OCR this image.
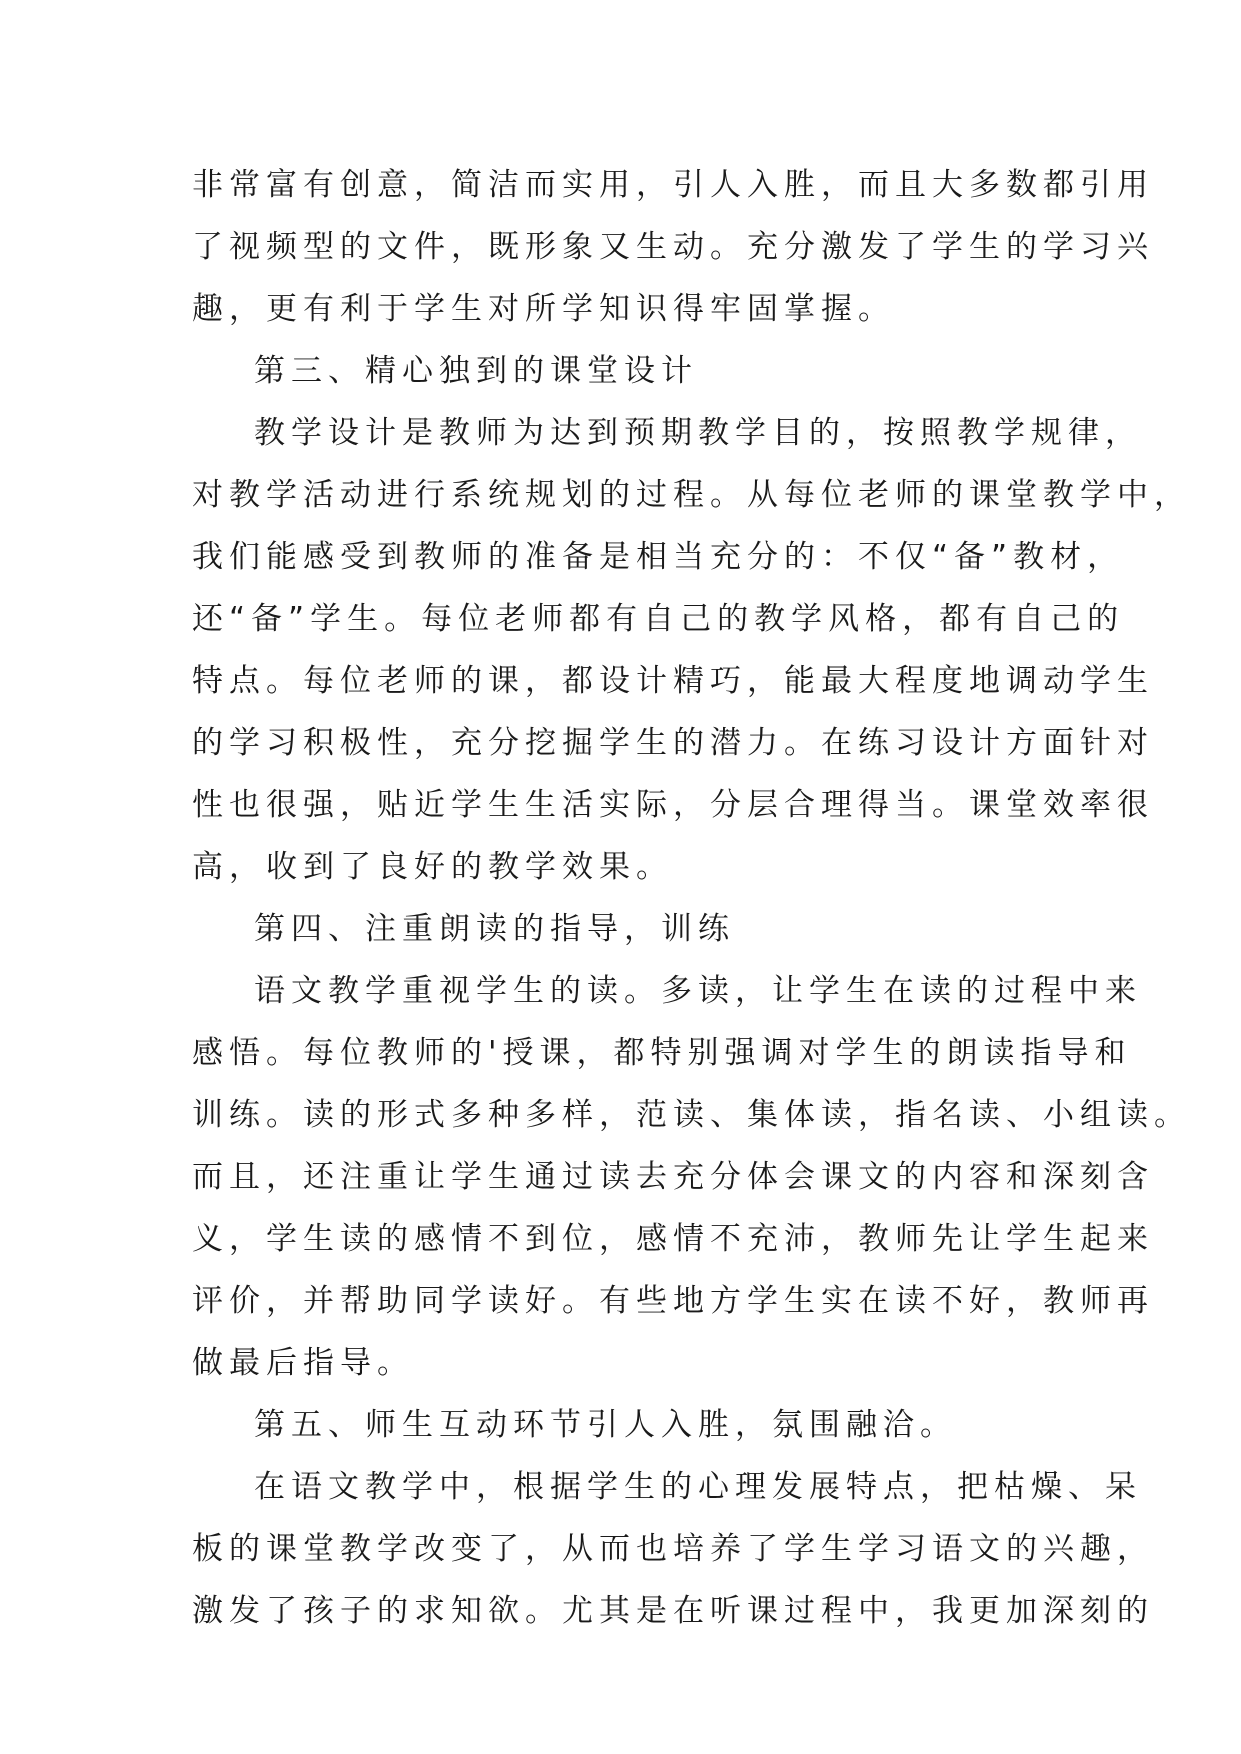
非常富有创意，简洁而实用，引人入胜，而且大多数都引用
了视频型的文件，既形象又生动。充分激发了学生的学习兴
趣，更有利于学生对所学知识得牢固掌握。
第三、精心独到的课堂设计
教学设计是教师为达到预期教学目的，按照教学规律，
对教学活动进行系统规划的过程。从每位老师的课堂教学中，
我们能感受到教师的准备是相当充分的：不仅“备”教材，
还“备”学生。每位老师都有自己的教学风格，都有自己的
特点。每位老师的课，都设计精巧，能最大程度地调动学生
的学习积极性，充分挖掘学生的潜力。在练习设计方面针对
性也很强，贴近学生生活实际，分层合理得当。课堂效率很
高，收到了良好的教学效果。
第四、注重朗读的指导，训练
语文教学重视学生的读。多读，让学生在读的过程中来
感悟。每位教师的'授课，都特别强调对学生的朗读指导和
训练。读的形式多种多样，范读、集体读，指名读、小组读。
而且，还注重让学生通过读去充分体会课文的内容和深刻含
义，学生读的感情不到位，感情不充沛，教师先让学生起来
评价，并帮助同学读好。有些地方学生实在读不好，教师再
做最后指导。
第五、师生互动环节引人入胜，氛围融洽。
在语文教学中，根据学生的心理发展特点，把枯燥、呆
板的课堂教学改变了，从而也培养了学生学习语文的兴趣，
激发了孩子的求知欲。尤其是在听课过程中，我更加深刻的
